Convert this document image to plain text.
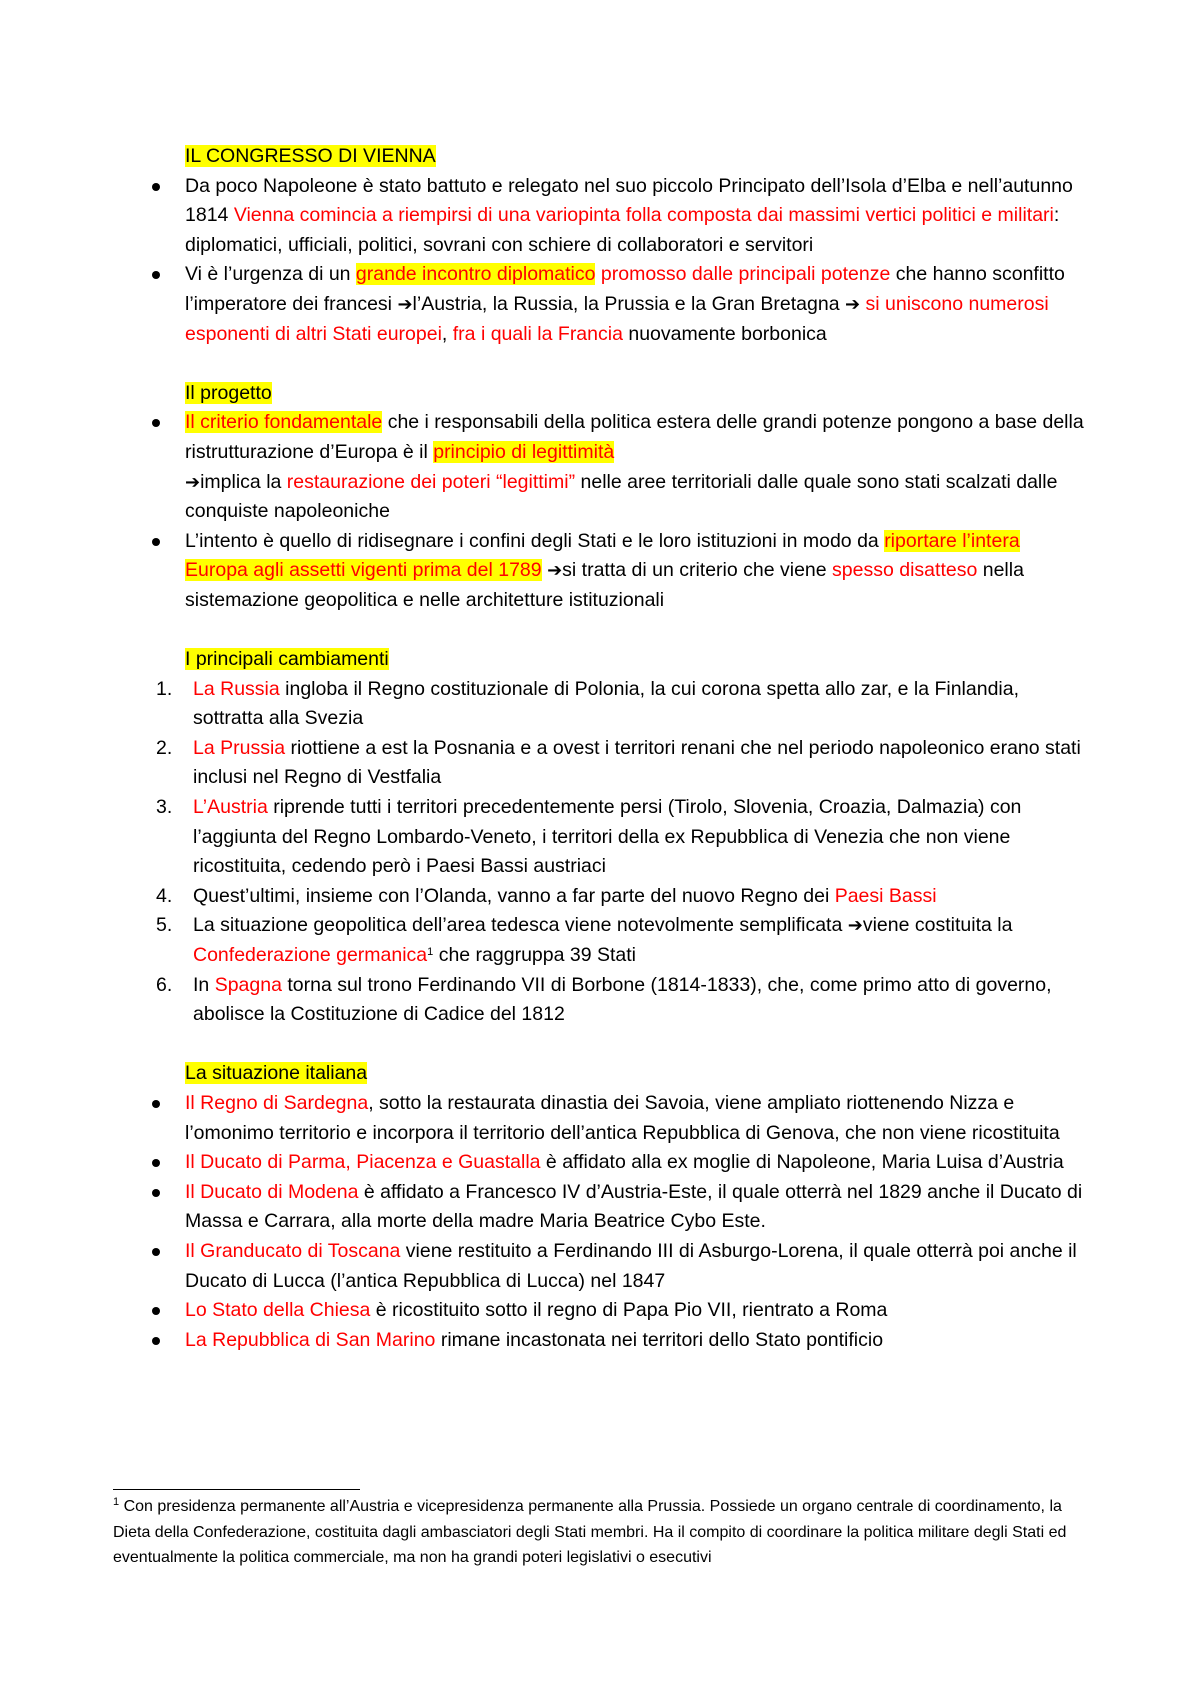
IL CONGRESSO DI VIENNA
Da poco Napoleone è stato battuto e relegato nel suo piccolo Principato dell’Isola d’Elba e nell’autunno 1814 Vienna comincia a riempirsi di una variopinta folla composta dai massimi vertici politici e militari: diplomatici, ufficiali, politici, sovrani con schiere di collaboratori e servitori
Vi è l’urgenza di un grande incontro diplomatico promosso dalle principali potenze che hanno sconfitto l’imperatore dei francesi ➔l’Austria, la Russia, la Prussia e la Gran Bretagna ➔ si uniscono numerosi esponenti di altri Stati europei, fra i quali la Francia nuovamente borbonica
Il progetto
Il criterio fondamentale che i responsabili della politica estera delle grandi potenze pongono a base della ristrutturazione d’Europa è il principio di legittimità
➔implica la restaurazione dei poteri “legittimi” nelle aree territoriali dalle quale sono stati scalzati dalle conquiste napoleoniche
L’intento è quello di ridisegnare i confini degli Stati e le loro istituzioni in modo da riportare l’intera Europa agli assetti vigenti prima del 1789 ➔si tratta di un criterio che viene spesso disatteso nella sistemazione geopolitica e nelle architetture istituzionali
I principali cambiamenti
1. La Russia ingloba il Regno costituzionale di Polonia, la cui corona spetta allo zar, e la Finlandia, sottratta alla Svezia
2. La Prussia riottiene a est la Posnania e a ovest i territori renani che nel periodo napoleonico erano stati inclusi nel Regno di Vestfalia
3. L’Austria riprende tutti i territori precedentemente persi (Tirolo, Slovenia, Croazia, Dalmazia) con l’aggiunta del Regno Lombardo-Veneto, i territori della ex Repubblica di Venezia che non viene ricostituita, cedendo però i Paesi Bassi austriaci
4. Quest’ultimi, insieme con l’Olanda, vanno a far parte del nuovo Regno dei Paesi Bassi
5. La situazione geopolitica dell’area tedesca viene notevolmente semplificata ➔viene costituita la Confederazione germanica$^1$ che raggruppa 39 Stati
6. In Spagna torna sul trono Ferdinando VII di Borbone (1814-1833), che, come primo atto di governo, abolisce la Costituzione di Cadice del 1812
La situazione italiana
Il Regno di Sardegna, sotto la restaurata dinastia dei Savoia, viene ampliato riottenendo Nizza e l’omonimo territorio e incorpora il territorio dell’antica Repubblica di Genova, che non viene ricostituita
Il Ducato di Parma, Piacenza e Guastalla è affidato alla ex moglie di Napoleone, Maria Luisa d’Austria
Il Ducato di Modena è affidato a Francesco IV d’Austria-Este, il quale otterrà nel 1829 anche il Ducato di Massa e Carrara, alla morte della madre Maria Beatrice Cybo Este.
Il Granducato di Toscana viene restituito a Ferdinando III di Asburgo-Lorena, il quale otterrà poi anche il Ducato di Lucca (l’antica Repubblica di Lucca) nel 1847
Lo Stato della Chiesa è ricostituito sotto il regno di Papa Pio VII, rientrato a Roma
La Repubblica di San Marino rimane incastonata nei territori dello Stato pontificio
$^1$ Con presidenza permanente all’Austria e vicepresidenza permanente alla Prussia. Possiede un organo centrale di coordinamento, la Dieta della Confederazione, costituita dagli ambasciatori degli Stati membri. Ha il compito di coordinare la politica militare degli Stati ed eventualmente la politica commerciale, ma non ha grandi poteri legislativi o esecutivi
